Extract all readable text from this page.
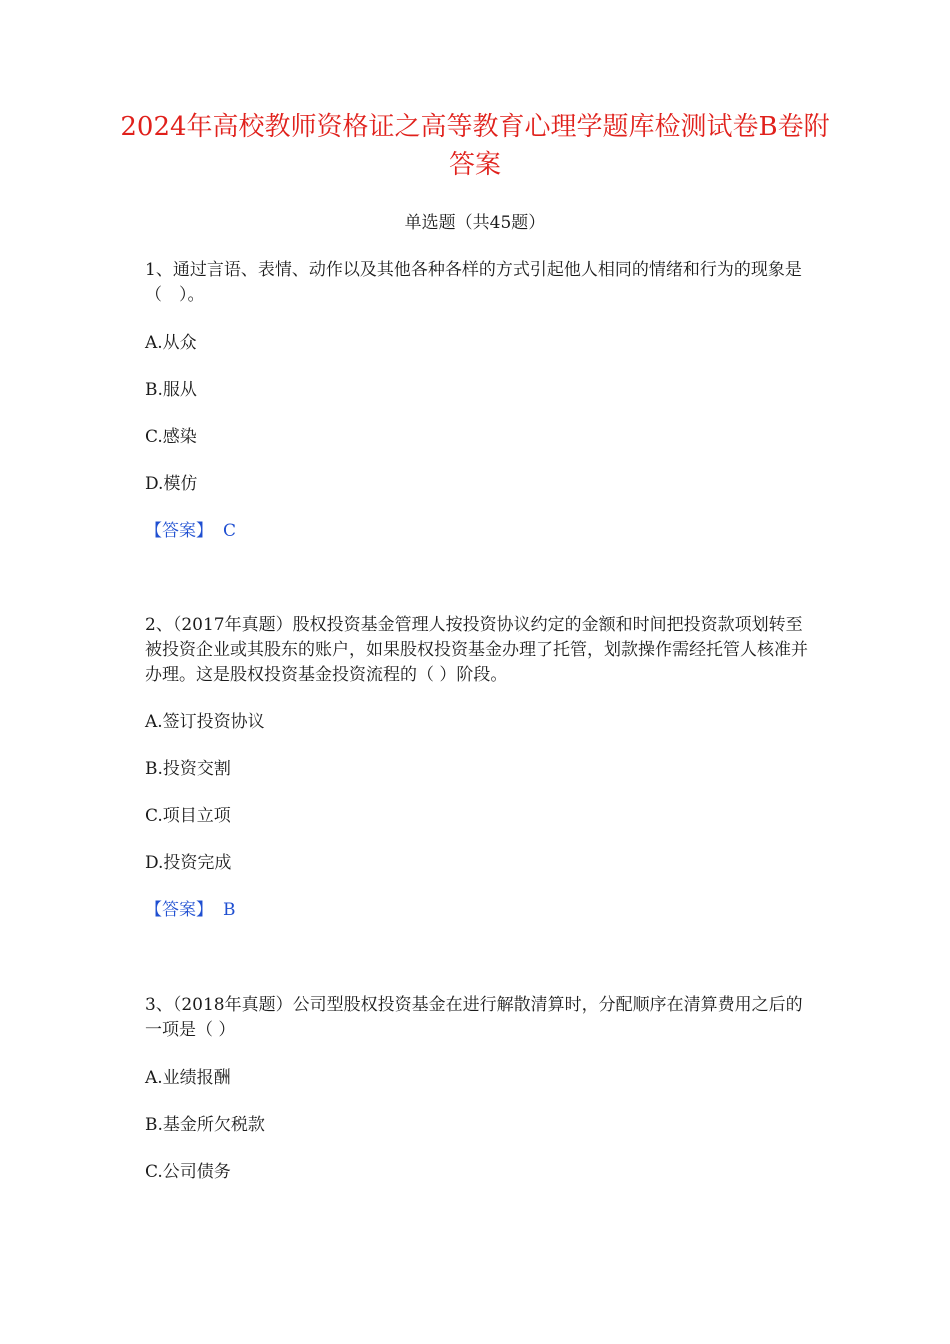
2024年高校教师资格证之高等教育心理学题库检测试卷B卷附答案
单选题（共45题）

1、通过言语、表情、动作以及其他各种各样的方式引起他人相同的情绪和行为的现象是（　）。

A.从众
B.服从
C.感染
D.模仿
【答案】 C

2、（2017年真题）股权投资基金管理人按投资协议约定的金额和时间把投资款项划转至被投资企业或其股东的账户，如果股权投资基金办理了托管，划款操作需经托管人核准并办理。这是股权投资基金投资流程的（ ）阶段。

A.签订投资协议
B.投资交割
C.项目立项
D.投资完成
【答案】 B

3、（2018年真题）公司型股权投资基金在进行解散清算时，分配顺序在清算费用之后的一项是（ ）

A.业绩报酬
B.基金所欠税款
C.公司债务
